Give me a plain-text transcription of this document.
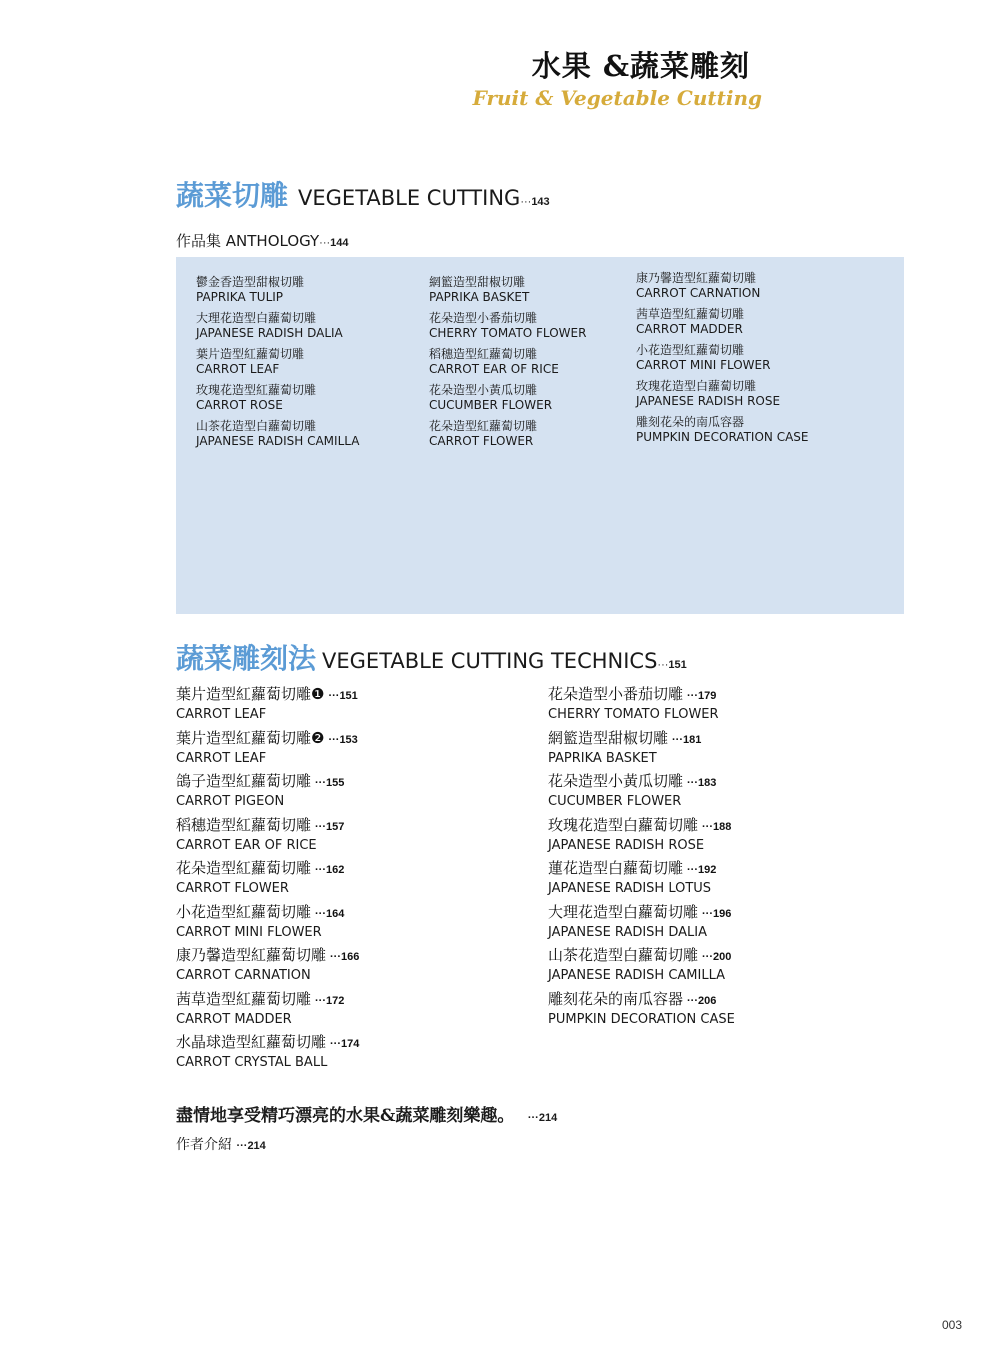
水果 &蔬菜雕刻
Fruit & Vegetable Cutting
蔬菜切雕 VEGETABLE CUTTING···143
作品集 ANTHOLOGY···144
鬱金香造型甜椒切雕
PAPRIKA TULIP
大理花造型白蘿蔔切雕
JAPANESE RADISH DALIA
葉片造型紅蘿蔔切雕
CARROT LEAF
玫瑰花造型紅蘿蔔切雕
CARROT ROSE
山茶花造型白蘿蔔切雕
JAPANESE RADISH CAMILLA
網籃造型甜椒切雕
PAPRIKA BASKET
花朵造型小番茄切雕
CHERRY TOMATO FLOWER
稻穗造型紅蘿蔔切雕
CARROT EAR OF RICE
花朵造型小黃瓜切雕
CUCUMBER FLOWER
花朵造型紅蘿蔔切雕
CARROT FLOWER
康乃馨造型紅蘿蔔切雕
CARROT CARNATION
茜草造型紅蘿蔔切雕
CARROT MADDER
小花造型紅蘿蔔切雕
CARROT MINI FLOWER
玫瑰花造型白蘿蔔切雕
JAPANESE RADISH ROSE
雕刻花朵的南瓜容器
PUMPKIN DECORATION CASE
蔬菜雕刻法 VEGETABLE CUTTING TECHNICS···151
葉片造型紅蘿蔔切雕❶ ···151
CARROT LEAF
葉片造型紅蘿蔔切雕❷ ···153
CARROT LEAF
鴿子造型紅蘿蔔切雕 ···155
CARROT PIGEON
稻穗造型紅蘿蔔切雕 ···157
CARROT EAR OF RICE
花朵造型紅蘿蔔切雕 ···162
CARROT FLOWER
小花造型紅蘿蔔切雕 ···164
CARROT MINI FLOWER
康乃馨造型紅蘿蔔切雕 ···166
CARROT CARNATION
茜草造型紅蘿蔔切雕 ···172
CARROT MADDER
水晶球造型紅蘿蔔切雕 ···174
CARROT CRYSTAL BALL
花朵造型小番茄切雕 ···179
CHERRY TOMATO FLOWER
網籃造型甜椒切雕 ···181
PAPRIKA BASKET
花朵造型小黃瓜切雕 ···183
CUCUMBER FLOWER
玫瑰花造型白蘿蔔切雕 ···188
JAPANESE RADISH ROSE
蓮花造型白蘿蔔切雕 ···192
JAPANESE RADISH LOTUS
大理花造型白蘿蔔切雕 ···196
JAPANESE RADISH DALIA
山茶花造型白蘿蔔切雕 ···200
JAPANESE RADISH CAMILLA
雕刻花朵的南瓜容器 ···206
PUMPKIN DECORATION CASE
盡情地享受精巧漂亮的水果&蔬菜雕刻樂趣。 ···214
作者介紹 ···214
003
